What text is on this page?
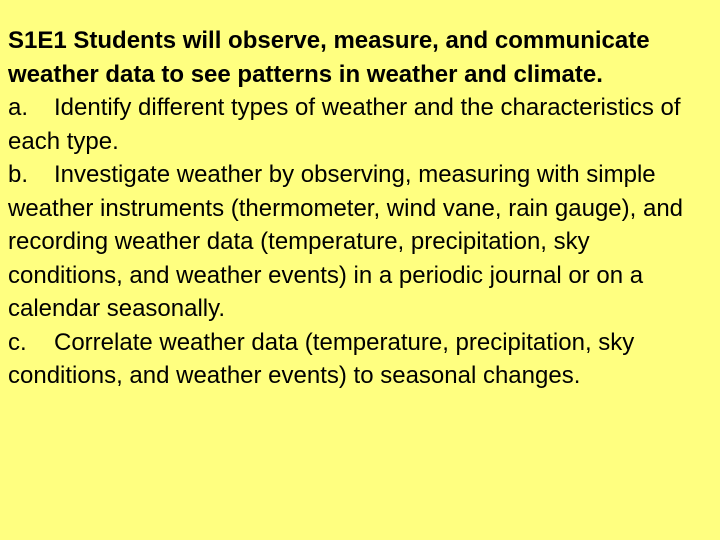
S1E1 Students will observe, measure, and communicate weather data to see patterns in weather and climate.

a. Identify different types of weather and the characteristics of each type.

b. Investigate weather by observing, measuring with simple weather instruments (thermometer, wind vane, rain gauge), and recording weather data (temperature, precipitation, sky conditions, and weather events) in a periodic journal or on a calendar seasonally.

c. Correlate weather data (temperature, precipitation, sky conditions, and weather events) to seasonal changes.
